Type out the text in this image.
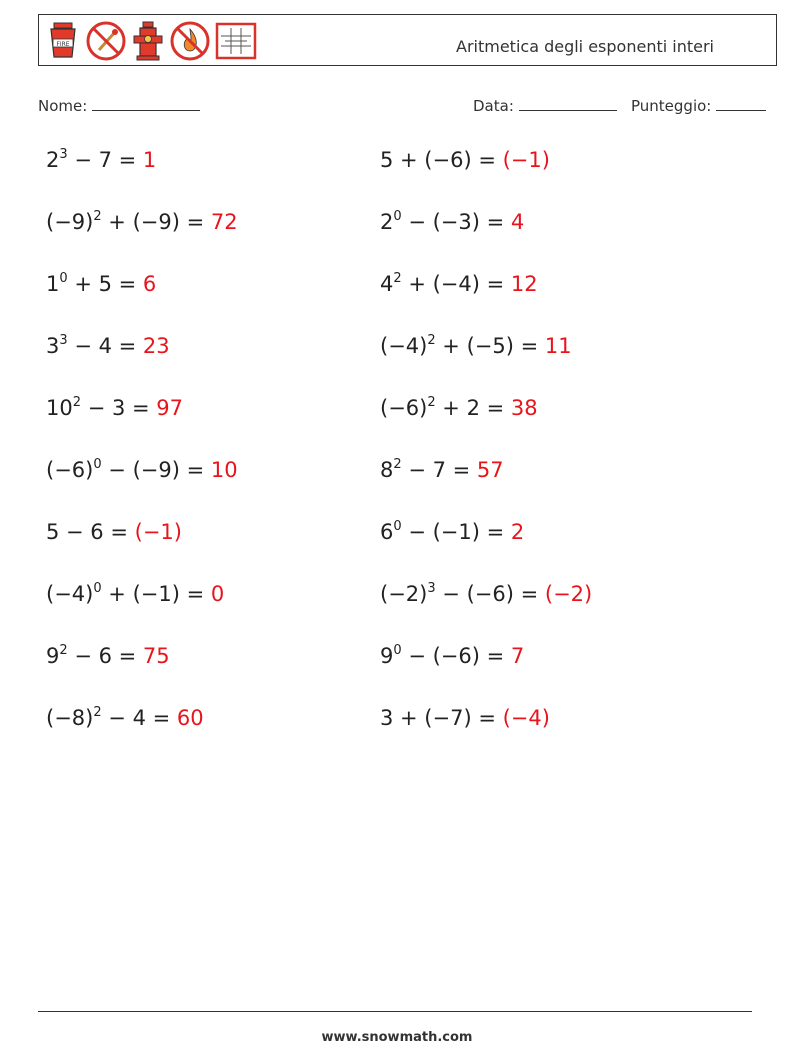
FIRE	Aritmetica degli esponenti interi
Nome:	Data:	Punteggio:
$2^3 - 7 = 1$	5 + (−6) = (−1)
$(-9)^2 + (-9) = 72$	$2^0 - (-3) = 4$
$1^0 + 5 = 6$	$4^2 + (-4) = 12$
$3^3 - 4 = 23$	$(-4)^2 + (-5) = 11$
$10^2 - 3 = 97$	$(-6)^2 + 2 = 38$
$(-6)^0 - (-9) = 10$	$8^2 - 7 = 57$
5 − 6 = (−1)	$6^0 - (-1) = 2$
$(-4)^0 + (-1) = 0$	$(-2)^3 - (-6) = (-2)$
$9^2 - 6 = 75$	$9^0 - (-6) = 7$
$(-8)^2 - 4 = 60$	3 + (−7) = (−4)
www.snowmath.com
